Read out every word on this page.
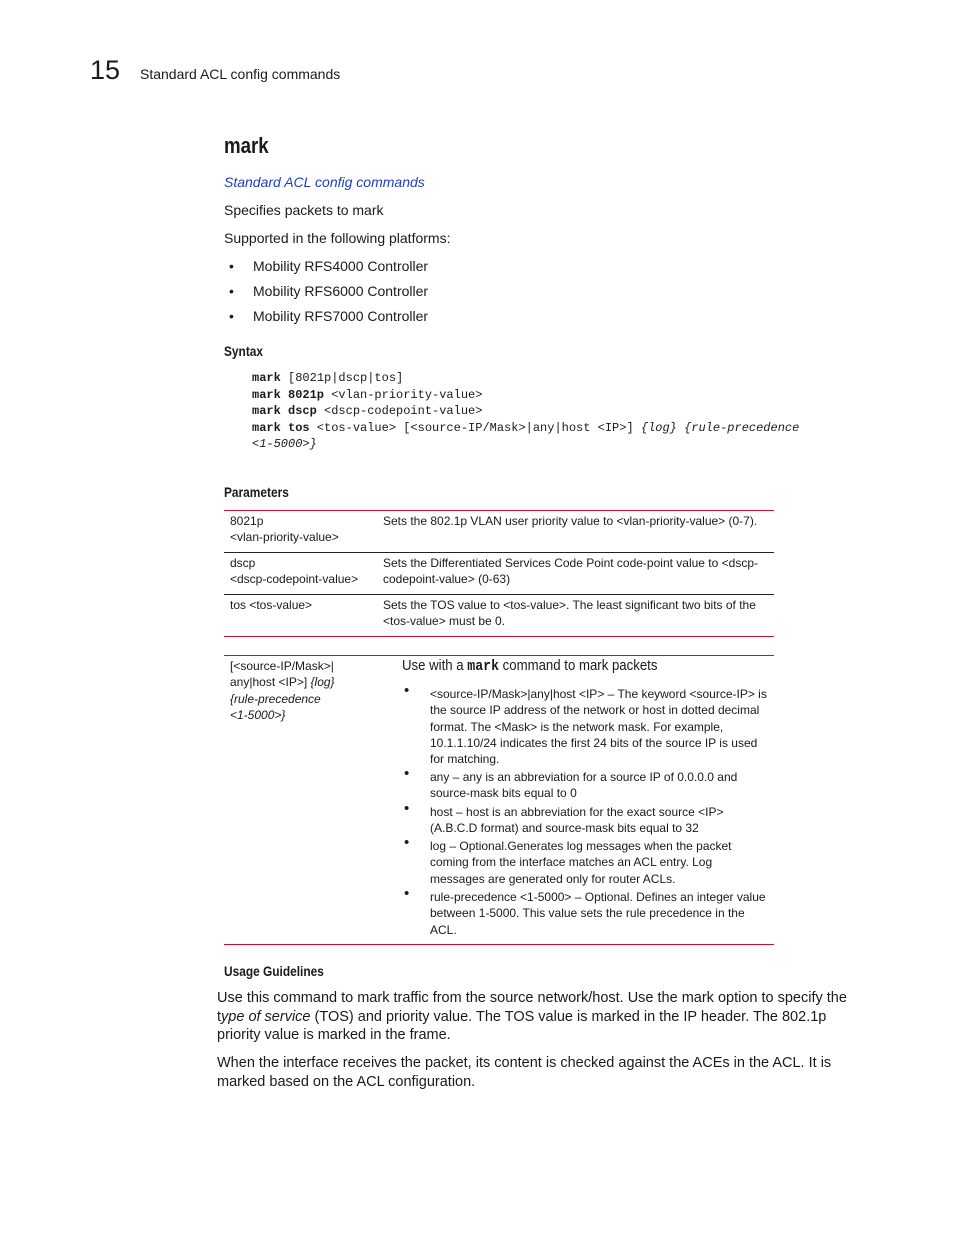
15 Standard ACL config commands
mark
Standard ACL config commands
Specifies packets to mark
Supported in the following platforms:
• Mobility RFS4000 Controller
• Mobility RFS6000 Controller
• Mobility RFS7000 Controller
Syntax
mark [8021p|dscp|tos]
mark 8021p <vlan-priority-value>
mark dscp <dscp-codepoint-value>
mark tos <tos-value> [<source-IP/Mask>|any|host <IP>] {log} {rule-precedence
<1-5000>}
Parameters
8021p
<vlan-priority-value>
Sets the 802.1p VLAN user priority value to <vlan-priority-value> (0-7).
dscp
<dscp-codepoint-value>
Sets the Differentiated Services Code Point code-point value to <dscp-codepoint-value> (0-63)
tos <tos-value>	Sets the TOS value to <tos-value>. The least significant two bits of the <tos-value> must be 0.
[<source-IP/Mask>|
any|host <IP>] {log}
{rule-precedence
<1-5000>}
Use with a mark command to mark packets
• <source-IP/Mask>|any|host <IP> – The keyword <source-IP> is the source IP address of the network or host in dotted decimal format. The <Mask> is the network mask. For example, 10.1.1.10/24 indicates the first 24 bits of the source IP is used for matching.
• any – any is an abbreviation for a source IP of 0.0.0.0 and source-mask bits equal to 0
• host – host is an abbreviation for the exact source <IP> (A.B.C.D format) and source-mask bits equal to 32
• log – Optional.Generates log messages when the packet coming from the interface matches an ACL entry. Log messages are generated only for router ACLs.
• rule-precedence <1-5000> – Optional. Defines an integer value between 1-5000. This value sets the rule precedence in the ACL.
Usage Guidelines
Use this command to mark traffic from the source network/host. Use the mark option to specify the type of service (TOS) and priority value. The TOS value is marked in the IP header. The 802.1p priority value is marked in the frame.
When the interface receives the packet, its content is checked against the ACEs in the ACL. It is marked based on the ACL configuration.
